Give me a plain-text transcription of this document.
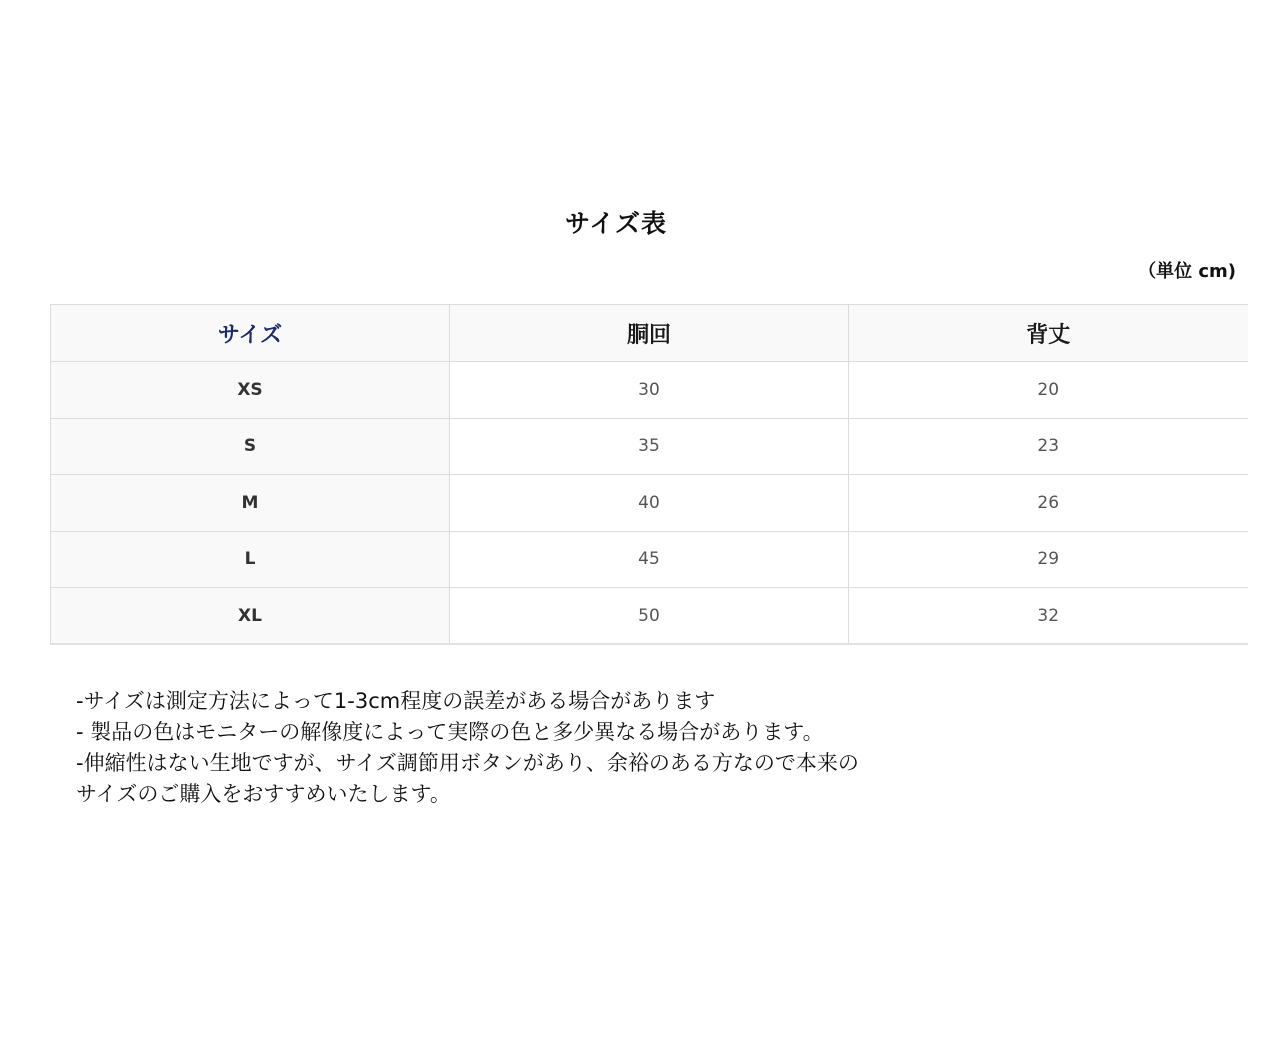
サイズ表
（単位 cm)
サイズ	胴回	背丈
XS	30	20
S	35	23
M	40	26
L	45	29
XL	50	32

-サイズは測定方法によって1-3cm程度の誤差がある場合があります

- 製品の色はモニターの解像度によって実際の色と多少異なる場合があります。

-伸縮性はない生地ですが、サイズ調節用ボタンがあり、余裕のある方なので本来の

サイズのご購入をおすすめいたします。
